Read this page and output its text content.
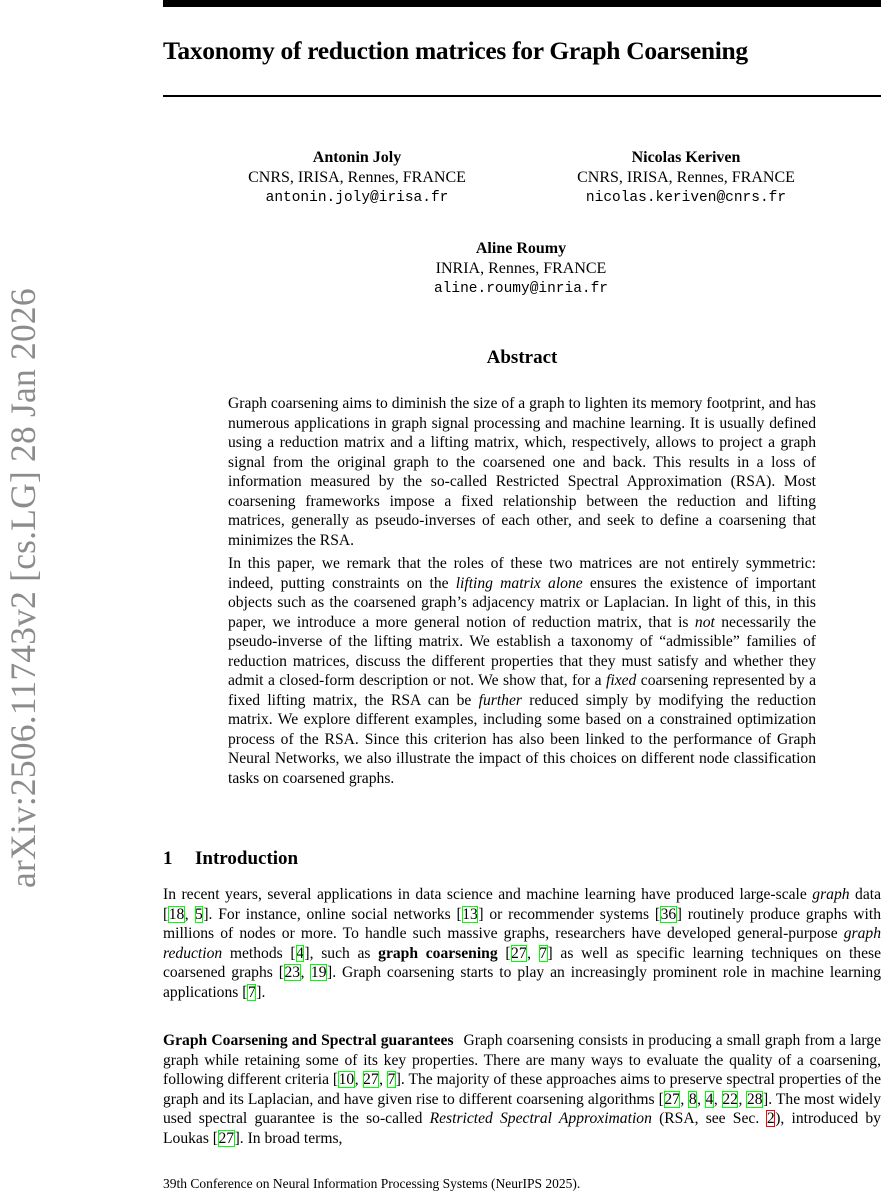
Taxonomy of reduction matrices for Graph Coarsening
arXiv:2506.11743v2 [cs.LG] 28 Jan 2026
Antonin Joly
CNRS, IRISA, Rennes, FRANCE
antonin.joly@irisa.fr
Nicolas Keriven
CNRS, IRISA, Rennes, FRANCE
nicolas.keriven@cnrs.fr
Aline Roumy
INRIA, Rennes, FRANCE
aline.roumy@inria.fr
Abstract

Graph coarsening aims to diminish the size of a graph to lighten its memory footprint, and has numerous applications in graph signal processing and machine learning. It is usually defined using a reduction matrix and a lifting matrix, which, respectively, allows to project a graph signal from the original graph to the coarsened one and back. This results in a loss of information measured by the so-called Restricted Spectral Approximation (RSA). Most coarsening frameworks impose a fixed relationship between the reduction and lifting matrices, generally as pseudo-inverses of each other, and seek to define a coarsening that minimizes the RSA.

In this paper, we remark that the roles of these two matrices are not entirely symmetric: indeed, putting constraints on the lifting matrix alone ensures the existence of important objects such as the coarsened graph’s adjacency matrix or Laplacian. In light of this, in this paper, we introduce a more general notion of reduction matrix, that is not necessarily the pseudo-inverse of the lifting matrix. We establish a taxonomy of “admissible” families of reduction matrices, discuss the different properties that they must satisfy and whether they admit a closed-form description or not. We show that, for a fixed coarsening represented by a fixed lifting matrix, the RSA can be further reduced simply by modifying the reduction matrix. We explore different examples, including some based on a constrained optimization process of the RSA. Since this criterion has also been linked to the performance of Graph Neural Networks, we also illustrate the impact of this choices on different node classification tasks on coarsened graphs.

1 Introduction

In recent years, several applications in data science and machine learning have produced large-scale graph data [18, 5]. For instance, online social networks [13] or recommender systems [36] routinely produce graphs with millions of nodes or more. To handle such massive graphs, researchers have developed general-purpose graph reduction methods [4], such as graph coarsening [27, 7] as well as specific learning techniques on these coarsened graphs [23, 19]. Graph coarsening starts to play an increasingly prominent role in machine learning applications [7].

Graph Coarsening and Spectral guarantees Graph coarsening consists in producing a small graph from a large graph while retaining some of its key properties. There are many ways to evaluate the quality of a coarsening, following different criteria [10, 27, 7]. The majority of these approaches aims to preserve spectral properties of the graph and its Laplacian, and have given rise to different coarsening algorithms [27, 8, 4, 22, 28]. The most widely used spectral guarantee is the so-called Restricted Spectral Approximation (RSA, see Sec. 2), introduced by Loukas [27]. In broad terms,

39th Conference on Neural Information Processing Systems (NeurIPS 2025).
